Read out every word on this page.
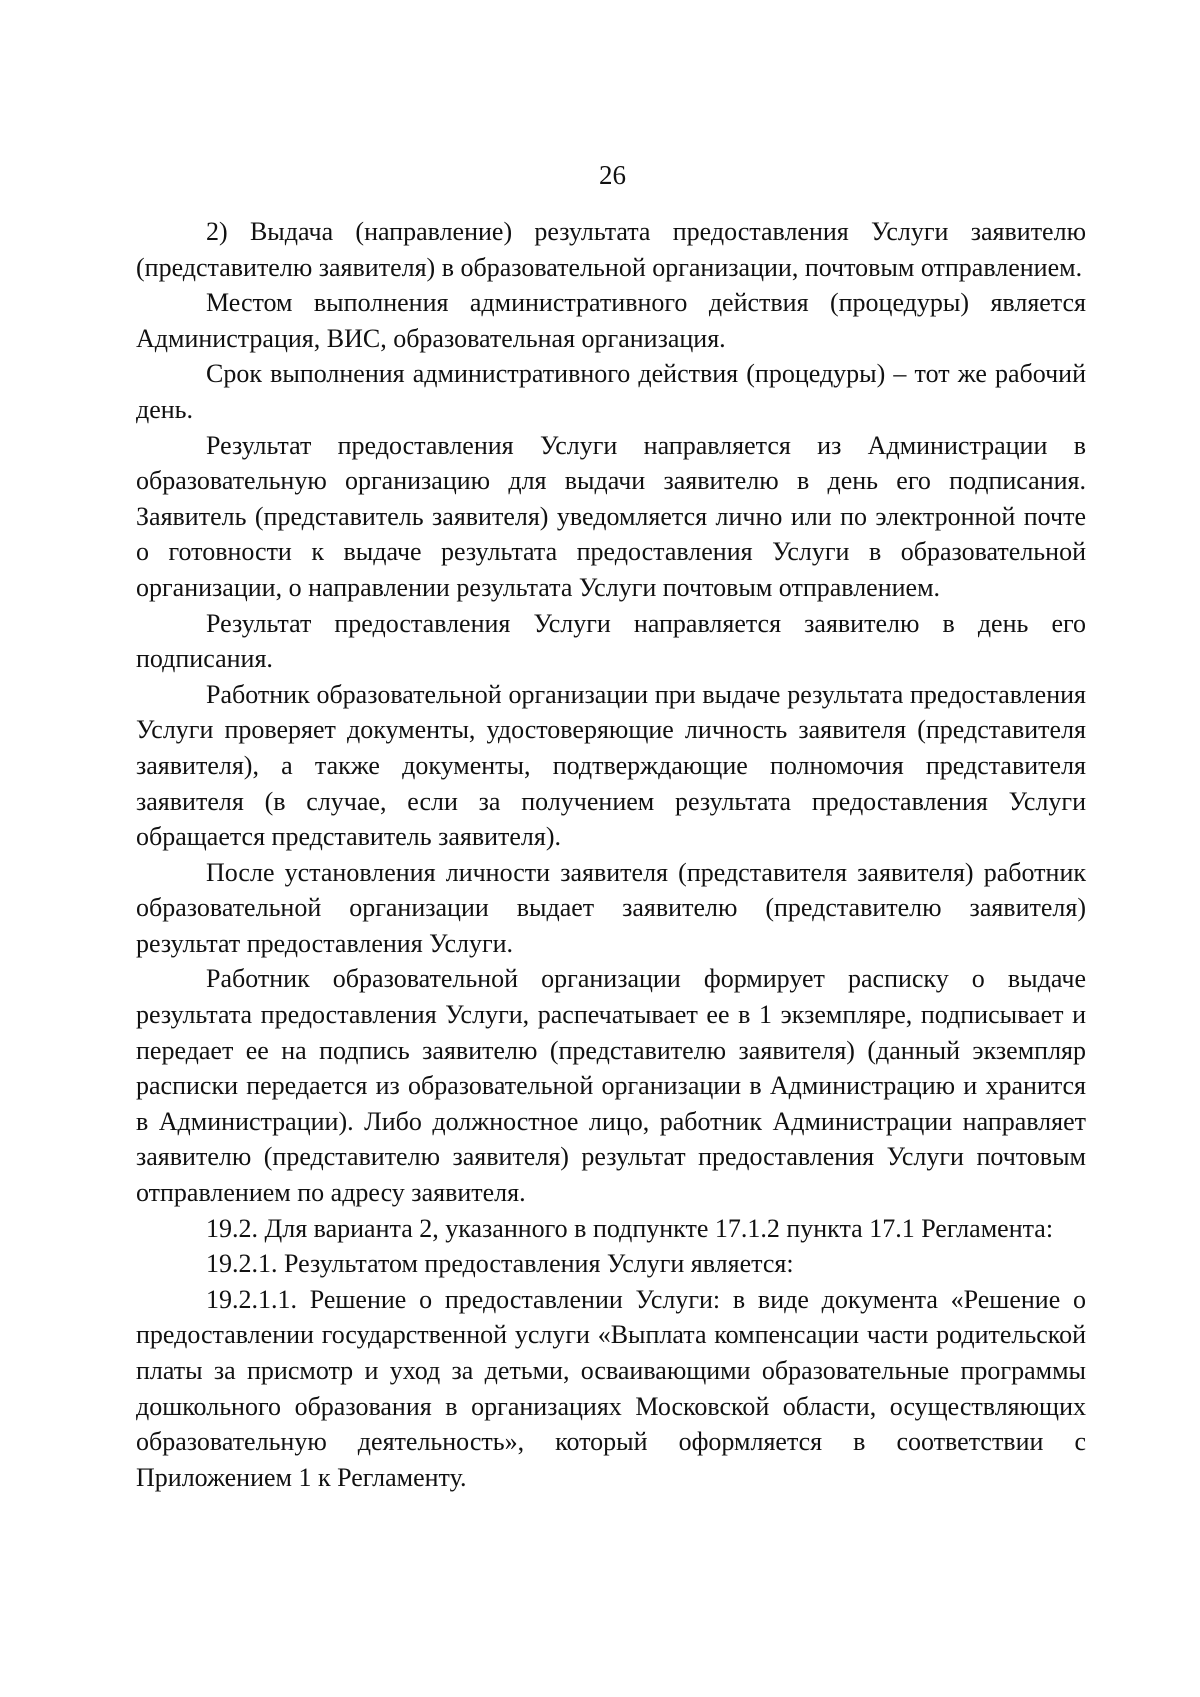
26

2) Выдача (направление) результата предоставления Услуги заявителю (представителю заявителя) в образовательной организации, почтовым отправлением.

Местом выполнения административного действия (процедуры) является Администрация, ВИС, образовательная организация.

Срок выполнения административного действия (процедуры) – тот же рабочий день.

Результат предоставления Услуги направляется из Администрации в образовательную организацию для выдачи заявителю в день его подписания. Заявитель (представитель заявителя) уведомляется лично или по электронной почте о готовности к выдаче результата предоставления Услуги в образовательной организации, о направлении результата Услуги почтовым отправлением.

Результат предоставления Услуги направляется заявителю в день его подписания.

Работник образовательной организации при выдаче результата предоставления Услуги проверяет документы, удостоверяющие личность заявителя (представителя заявителя), а также документы, подтверждающие полномочия представителя заявителя (в случае, если за получением результата предоставления Услуги обращается представитель заявителя).

После установления личности заявителя (представителя заявителя) работник образовательной организации выдает заявителю (представителю заявителя) результат предоставления Услуги.

Работник образовательной организации формирует расписку о выдаче результата предоставления Услуги, распечатывает ее в 1 экземпляре, подписывает и передает ее на подпись заявителю (представителю заявителя) (данный экземпляр расписки передается из образовательной организации в Администрацию и хранится в Администрации). Либо должностное лицо, работник Администрации направляет заявителю (представителю заявителя) результат предоставления Услуги почтовым отправлением по адресу заявителя.

19.2. Для варианта 2, указанного в подпункте 17.1.2 пункта 17.1 Регламента:

19.2.1. Результатом предоставления Услуги является:

19.2.1.1. Решение о предоставлении Услуги: в виде документа «Решение о предоставлении государственной услуги «Выплата компенсации части родительской платы за присмотр и уход за детьми, осваивающими образовательные программы дошкольного образования в организациях Московской области, осуществляющих образовательную деятельность», который оформляется в соответствии с Приложением 1 к Регламенту.
